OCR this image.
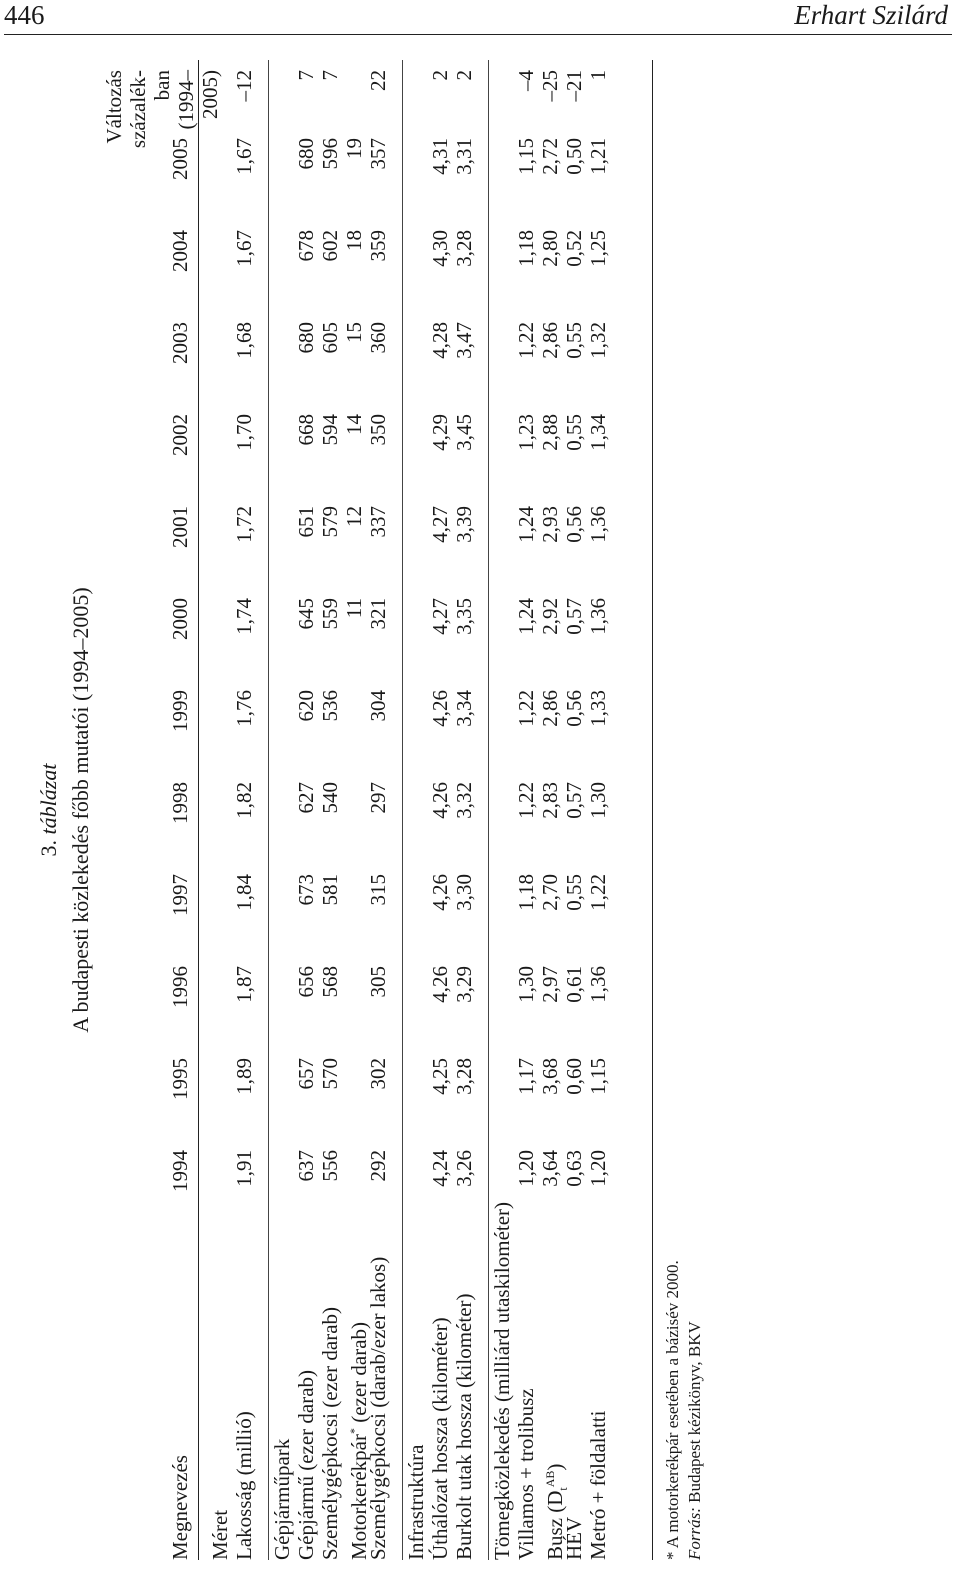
446	Erhart Szilárd
3. táblázat A budapesti közlekedés főbb mutatói (1994–2005)
Megnevezés
1994
1995
1996
1997
1998
1999
2000
2001
2002
2003
2004
2005
Változás százalék- ban (1994– 2005)
Méret Lakosság (millió)
1,91
1,89
1,87
1,84
1,82
1,76
1,74
1,72
1,70
1,68
1,67
1,67
–12
Gépjárműpark Gépjármű (ezer darab)
637
657
656
673
627
620
645
651
668
680
678
680
7
Személygépkocsi (ezer darab)
556
570
568
581
540
536
559
579
594
605
602
596
7
Motorkerékpár* (ezer darab)
11
12
14
15
18
19
Személygépkocsi (darab/ezer lakos)
292
302
305
315
297
304
321
337
350
360
359
357
22
Infrastruktúra Úthálózat hossza (kilométer)
4,24
4,25
4,26
4,26
4,26
4,26
4,27
4,27
4,29
4,28
4,30
4,31
2
Burkolt utak hossza (kilométer)
3,26
3,28
3,29
3,30
3,32
3,34
3,35
3,39
3,45
3,47
3,28
3,31
2
Tömegközlekedés (milliárd utaskilométer) Villamos + trolibusz
1,20
1,17
1,30
1,18
1,22
1,22
1,24
1,24
1,23
1,22
1,18
1,15
–4
Busz $(D_t^{AB})$
3,64
3,68
2,97
2,70
2,83
2,86
2,92
2,93
2,88
2,86
2,80
2,72
–25
HÉV
0,63
0,60
0,61
0,55
0,57
0,56
0,57
0,56
0,55
0,55
0,52
0,50
–21
Metró + földalatti
1,20
1,15
1,36
1,22
1,30
1,33
1,36
1,36
1,34
1,32
1,25
1,21
1
* A motorkerékpár esetében a bázisév 2000. Forrás: Budapest kézikönyv, BKV
